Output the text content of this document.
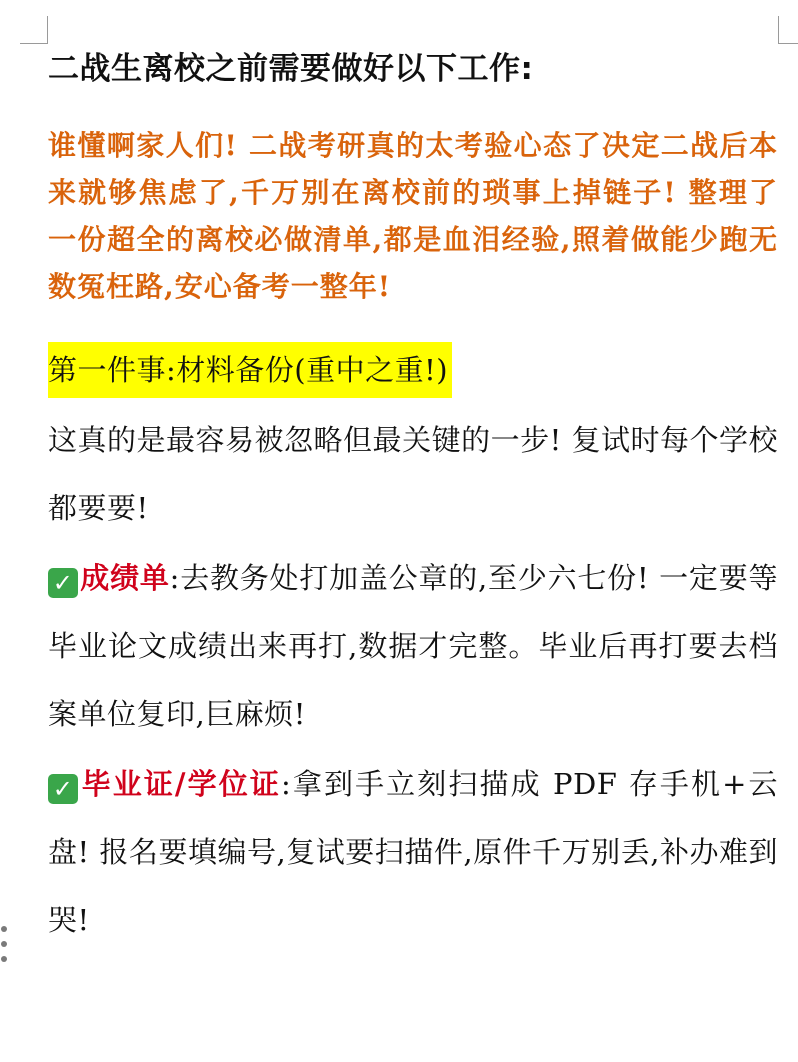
二战生离校之前需要做好以下工作:

谁懂啊家人们! 二战考研真的太考验心态了决定二战后本来就够焦虑了,千万别在离校前的琐事上掉链子! 整理了一份超全的离校必做清单,都是血泪经验,照着做能少跑无数冤枉路,安心备考一整年!

第一件事:材料备份(重中之重!)

这真的是最容易被忽略但最关键的一步! 复试时每个学校都要要!

✓ 成绩单:去教务处打加盖公章的,至少六七份! 一定要等毕业论文成绩出来再打,数据才完整。毕业后再打要去档案单位复印,巨麻烦!

✓ 毕业证/学位证:拿到手立刻扫描成 PDF 存手机+云盘! 报名要填编号,复试要扫描件,原件千万别丢,补办难到哭!
